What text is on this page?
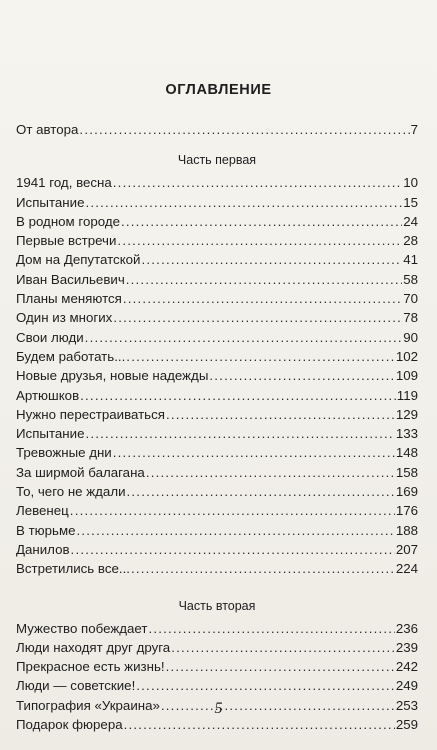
ОГЛАВЛЕНИЕ
От автора .....	7
Часть первая
1941 год, весна .....	10
Испытание .....	15
В родном городе .....	24
Первые встречи .....	28
Дом на Депутатской .....	41
Иван Васильевич .....	58
Планы меняются .....	70
Один из многих .....	78
Свои люди .....	90
Будем работать... .....	102
Новые друзья, новые надежды .....	109
Артюшков .....	119
Нужно перестраиваться .....	129
Испытание .....	133
Тревожные дни .....	148
За ширмой балагана .....	158
То, чего не ждали .....	169
Левенец .....	176
В тюрьме .....	188
Данилов .....	207
Встретились все... .....	224
Часть вторая
Мужество побеждает .....	236
Люди находят друг друга .....	239
Прекрасное есть жизнь! .....	242
Люди — советские! .....	249
Типография «Украина» .....	253
Подарок фюрера .....	259
5
